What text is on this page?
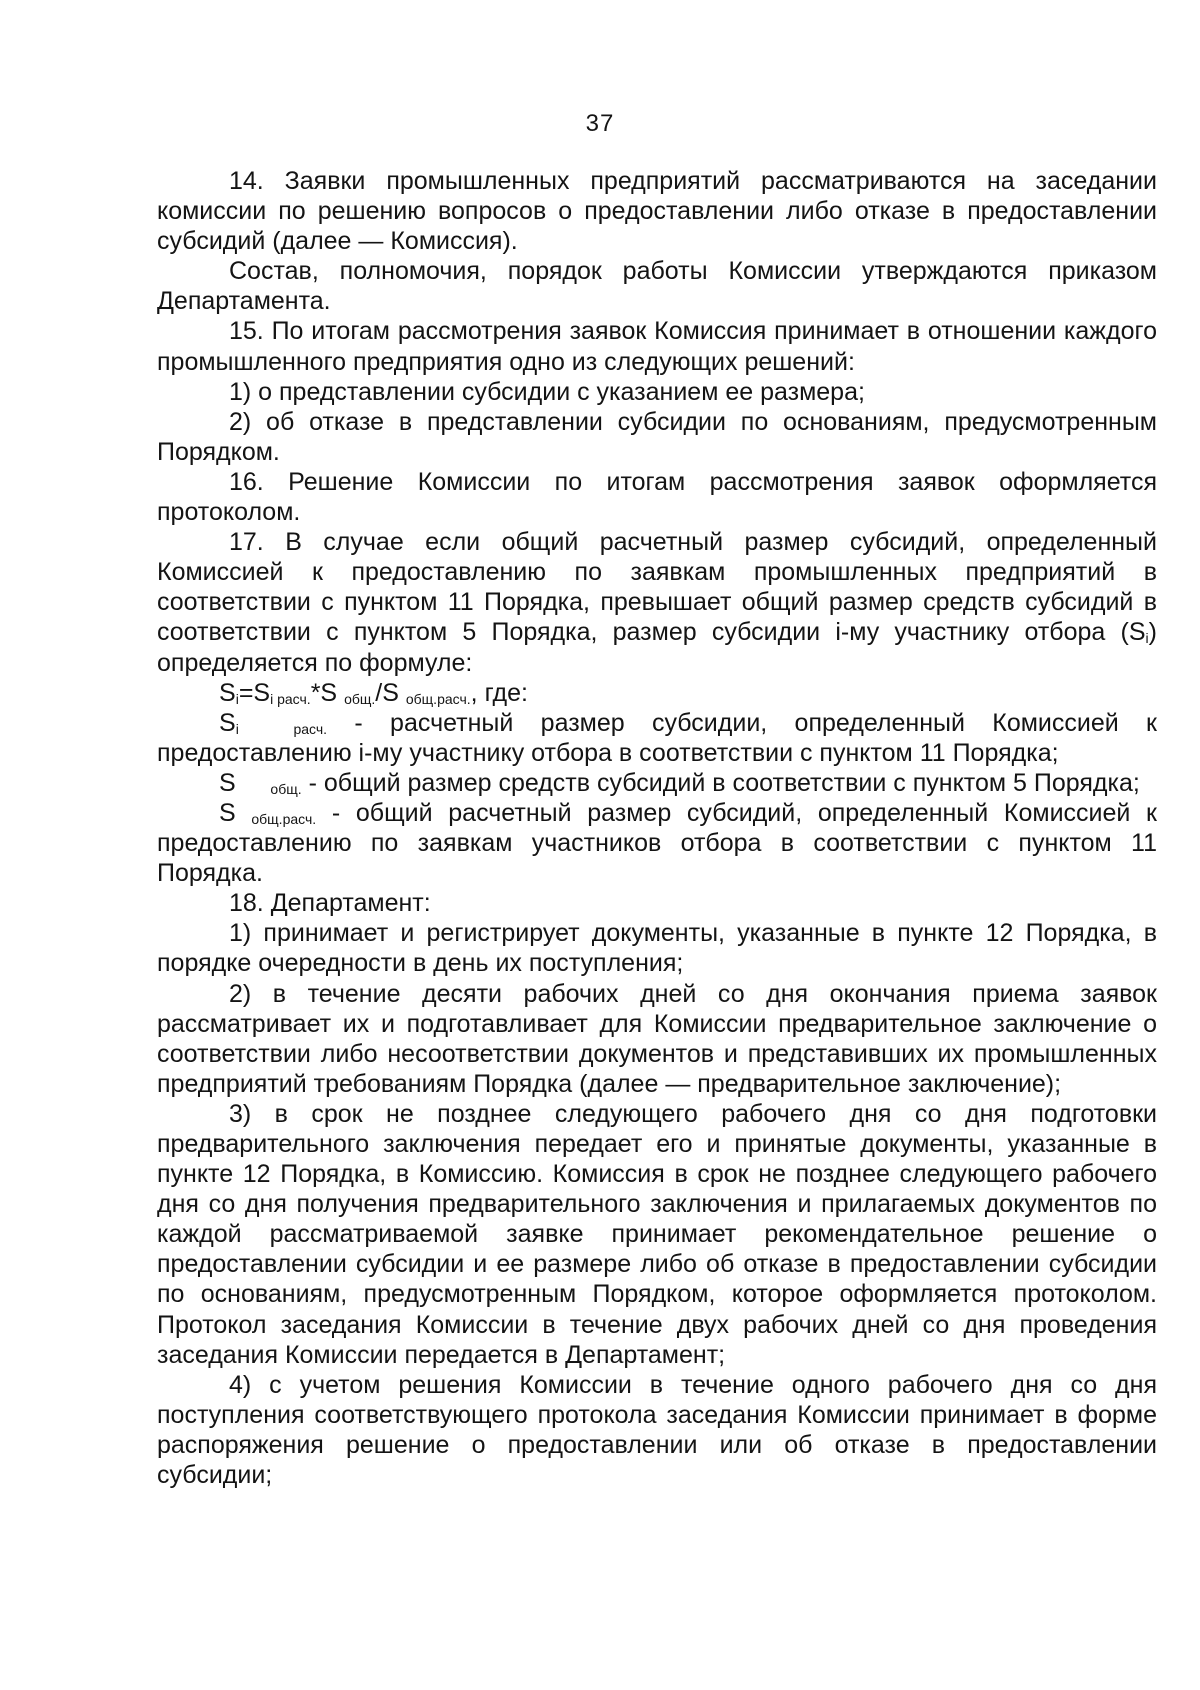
37

14. Заявки промышленных предприятий рассматриваются на заседании комиссии по решению вопросов о предоставлении либо отказе в предоставлении субсидий (далее — Комиссия).

Состав, полномочия, порядок работы Комиссии утверждаются приказом Департамента.

15. По итогам рассмотрения заявок Комиссия принимает в отношении каждого промышленного предприятия одно из следующих решений:

1) о представлении субсидии с указанием ее размера;

2) об отказе в представлении субсидии по основаниям, предусмотренным Порядком.

16. Решение Комиссии по итогам рассмотрения заявок оформляется протоколом.

17. В случае если общий расчетный размер субсидий, определенный Комиссией к предоставлению по заявкам промышленных предприятий в соответствии с пунктом 11 Порядка, превышает общий размер средств субсидий в соответствии с пунктом 5 Порядка, размер субсидии i-му участнику отбора $(S_i)$ определяется по формуле:

$S_i=S_{i расч.}*S$ $_{общ.}$/S $_{общ.расч.}$, где:

$S_i$	$_{расч.}$ - расчетный размер субсидии, определенный Комиссией к предоставлению i-му участнику отбора в соответствии с пунктом 11 Порядка;

S $_{общ.}$ - общий размер средств субсидий в соответствии с пунктом 5 Порядка;

S $_{общ.расч.}$ - общий расчетный размер субсидий, определенный Комиссией к предоставлению по заявкам участников отбора в соответствии с пунктом 11 Порядка.

18. Департамент:

1) принимает и регистрирует документы, указанные в пункте 12 Порядка, в порядке очередности в день их поступления;

2) в течение десяти рабочих дней со дня окончания приема заявок рассматривает их и подготавливает для Комиссии предварительное заключение о соответствии либо несоответствии документов и представивших их промышленных предприятий требованиям Порядка (далее — предварительное заключение);

3) в срок не позднее следующего рабочего дня со дня подготовки предварительного заключения передает его и принятые документы, указанные в пункте 12 Порядка, в Комиссию. Комиссия в срок не позднее следующего рабочего дня со дня получения предварительного заключения и прилагаемых документов по каждой рассматриваемой заявке принимает рекомендательное решение о предоставлении субсидии и ее размере либо об отказе в предоставлении субсидии по основаниям, предусмотренным Порядком, которое оформляется протоколом. Протокол заседания Комиссии в течение двух рабочих дней со дня проведения заседания Комиссии передается в Департамент;

4) с учетом решения Комиссии в течение одного рабочего дня со дня поступления соответствующего протокола заседания Комиссии принимает в форме распоряжения решение о предоставлении или об отказе в предоставлении субсидии;
